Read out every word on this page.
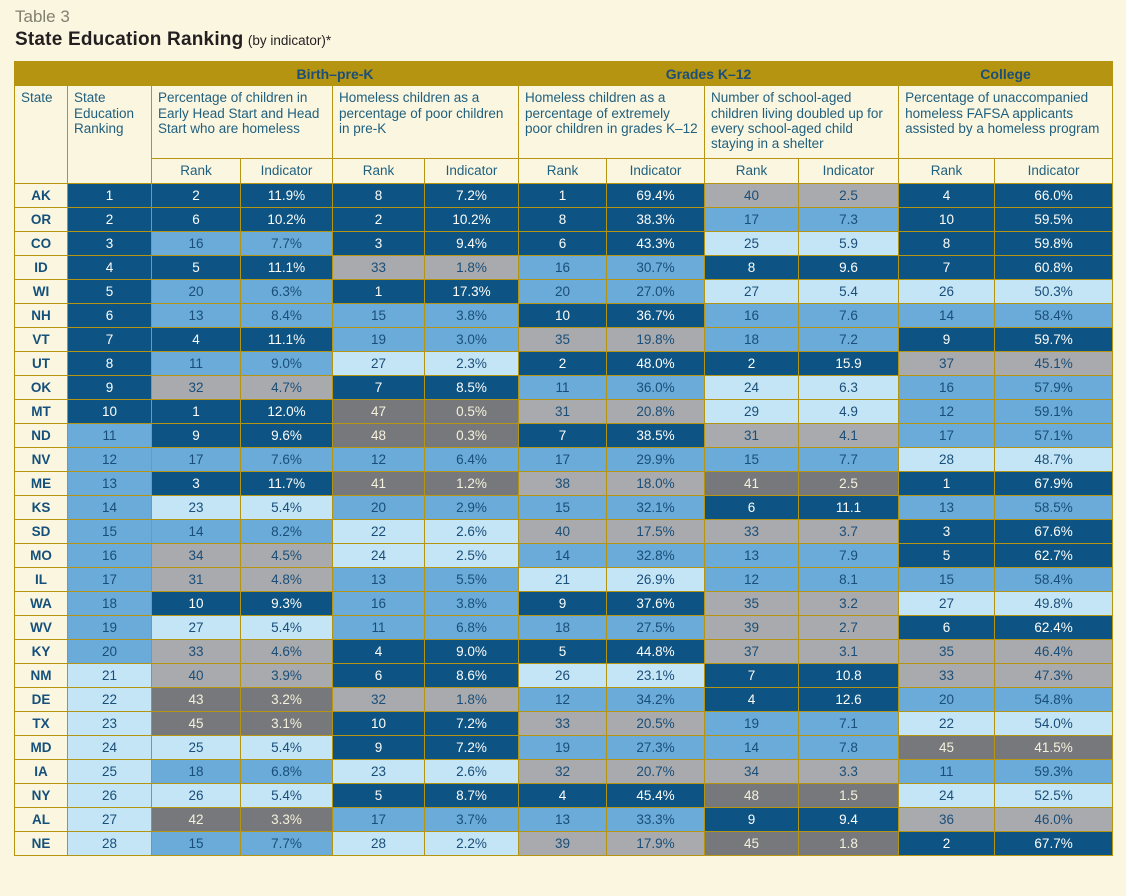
Table 3
State Education Ranking (by indicator)*
		Birth–pre-K				Grades K–12				College	
State	State Education Ranking	Percentage of children in Early Head Start and Head Start who are homeless		Homeless children as a percentage of poor children in pre-K		Homeless children as a percentage of extremely poor children in grades K–12		Number of school-aged children living doubled up for every school-aged child staying in a shelter		Percentage of unaccompanied homeless FAFSA applicants assisted by a homeless program	
		Rank	Indicator	Rank	Indicator	Rank	Indicator	Rank	Indicator	Rank	Indicator
AK	1	2	11.9%	8	7.2%	1	69.4%	40	2.5	4	66.0%
OR	2	6	10.2%	2	10.2%	8	38.3%	17	7.3	10	59.5%
CO	3	16	7.7%	3	9.4%	6	43.3%	25	5.9	8	59.8%
ID	4	5	11.1%	33	1.8%	16	30.7%	8	9.6	7	60.8%
WI	5	20	6.3%	1	17.3%	20	27.0%	27	5.4	26	50.3%
NH	6	13	8.4%	15	3.8%	10	36.7%	16	7.6	14	58.4%
VT	7	4	11.1%	19	3.0%	35	19.8%	18	7.2	9	59.7%
UT	8	11	9.0%	27	2.3%	2	48.0%	2	15.9	37	45.1%
OK	9	32	4.7%	7	8.5%	11	36.0%	24	6.3	16	57.9%
MT	10	1	12.0%	47	0.5%	31	20.8%	29	4.9	12	59.1%
ND	11	9	9.6%	48	0.3%	7	38.5%	31	4.1	17	57.1%
NV	12	17	7.6%	12	6.4%	17	29.9%	15	7.7	28	48.7%
ME	13	3	11.7%	41	1.2%	38	18.0%	41	2.5	1	67.9%
KS	14	23	5.4%	20	2.9%	15	32.1%	6	11.1	13	58.5%
SD	15	14	8.2%	22	2.6%	40	17.5%	33	3.7	3	67.6%
MO	16	34	4.5%	24	2.5%	14	32.8%	13	7.9	5	62.7%
IL	17	31	4.8%	13	5.5%	21	26.9%	12	8.1	15	58.4%
WA	18	10	9.3%	16	3.8%	9	37.6%	35	3.2	27	49.8%
WV	19	27	5.4%	11	6.8%	18	27.5%	39	2.7	6	62.4%
KY	20	33	4.6%	4	9.0%	5	44.8%	37	3.1	35	46.4%
NM	21	40	3.9%	6	8.6%	26	23.1%	7	10.8	33	47.3%
DE	22	43	3.2%	32	1.8%	12	34.2%	4	12.6	20	54.8%
TX	23	45	3.1%	10	7.2%	33	20.5%	19	7.1	22	54.0%
MD	24	25	5.4%	9	7.2%	19	27.3%	14	7.8	45	41.5%
IA	25	18	6.8%	23	2.6%	32	20.7%	34	3.3	11	59.3%
NY	26	26	5.4%	5	8.7%	4	45.4%	48	1.5	24	52.5%
AL	27	42	3.3%	17	3.7%	13	33.3%	9	9.4	36	46.0%
NE	28	15	7.7%	28	2.2%	39	17.9%	45	1.8	2	67.7%
